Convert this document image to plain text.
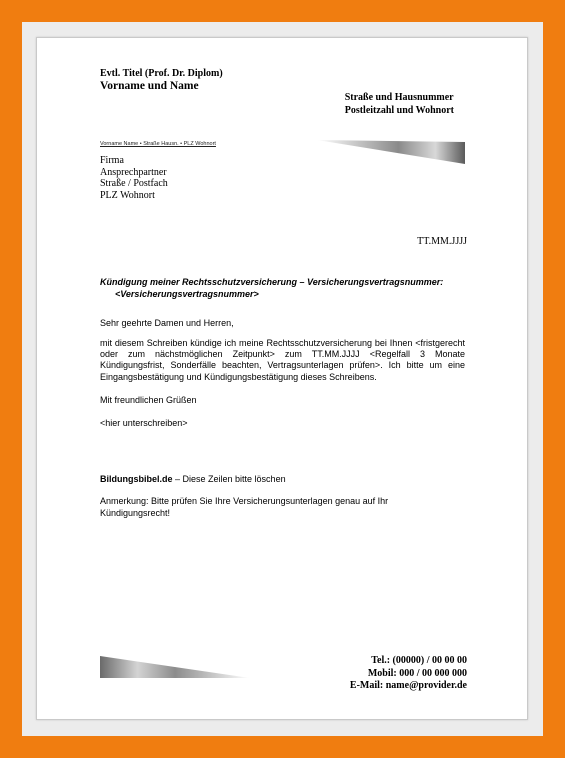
Evtl. Titel (Prof. Dr. Diplom)
Vorname und Name
Straße und Hausnummer
Postleitzahl und Wohnort
Vorname Name • Straße Hausn. • PLZ Wohnort
Firma
Ansprechpartner
Straße / Postfach
PLZ Wohnort
TT.MM.JJJJ
Kündigung meiner Rechtsschutzversicherung – Versicherungsvertragsnummer:
<Versicherungsvertragsnummer>
Sehr geehrte Damen und Herren,
mit diesem Schreiben kündige ich meine Rechtsschutzversicherung bei Ihnen <fristgerecht oder zum nächstmöglichen Zeitpunkt> zum TT.MM.JJJJ <Regelfall 3 Monate Kündigungsfrist, Sonderfälle beachten, Vertragsunterlagen prüfen>. Ich bitte um eine Eingangsbestätigung und Kündigungsbestätigung dieses Schreibens.
Mit freundlichen Grüßen
<hier unterschreiben>
Bildungsbibel.de – Diese Zeilen bitte löschen
Anmerkung: Bitte prüfen Sie Ihre Versicherungsunterlagen genau auf Ihr Kündigungsrecht!
Tel.: (00000) / 00 00 00
Mobil: 000 / 00 000 000
E-Mail: name@provider.de
